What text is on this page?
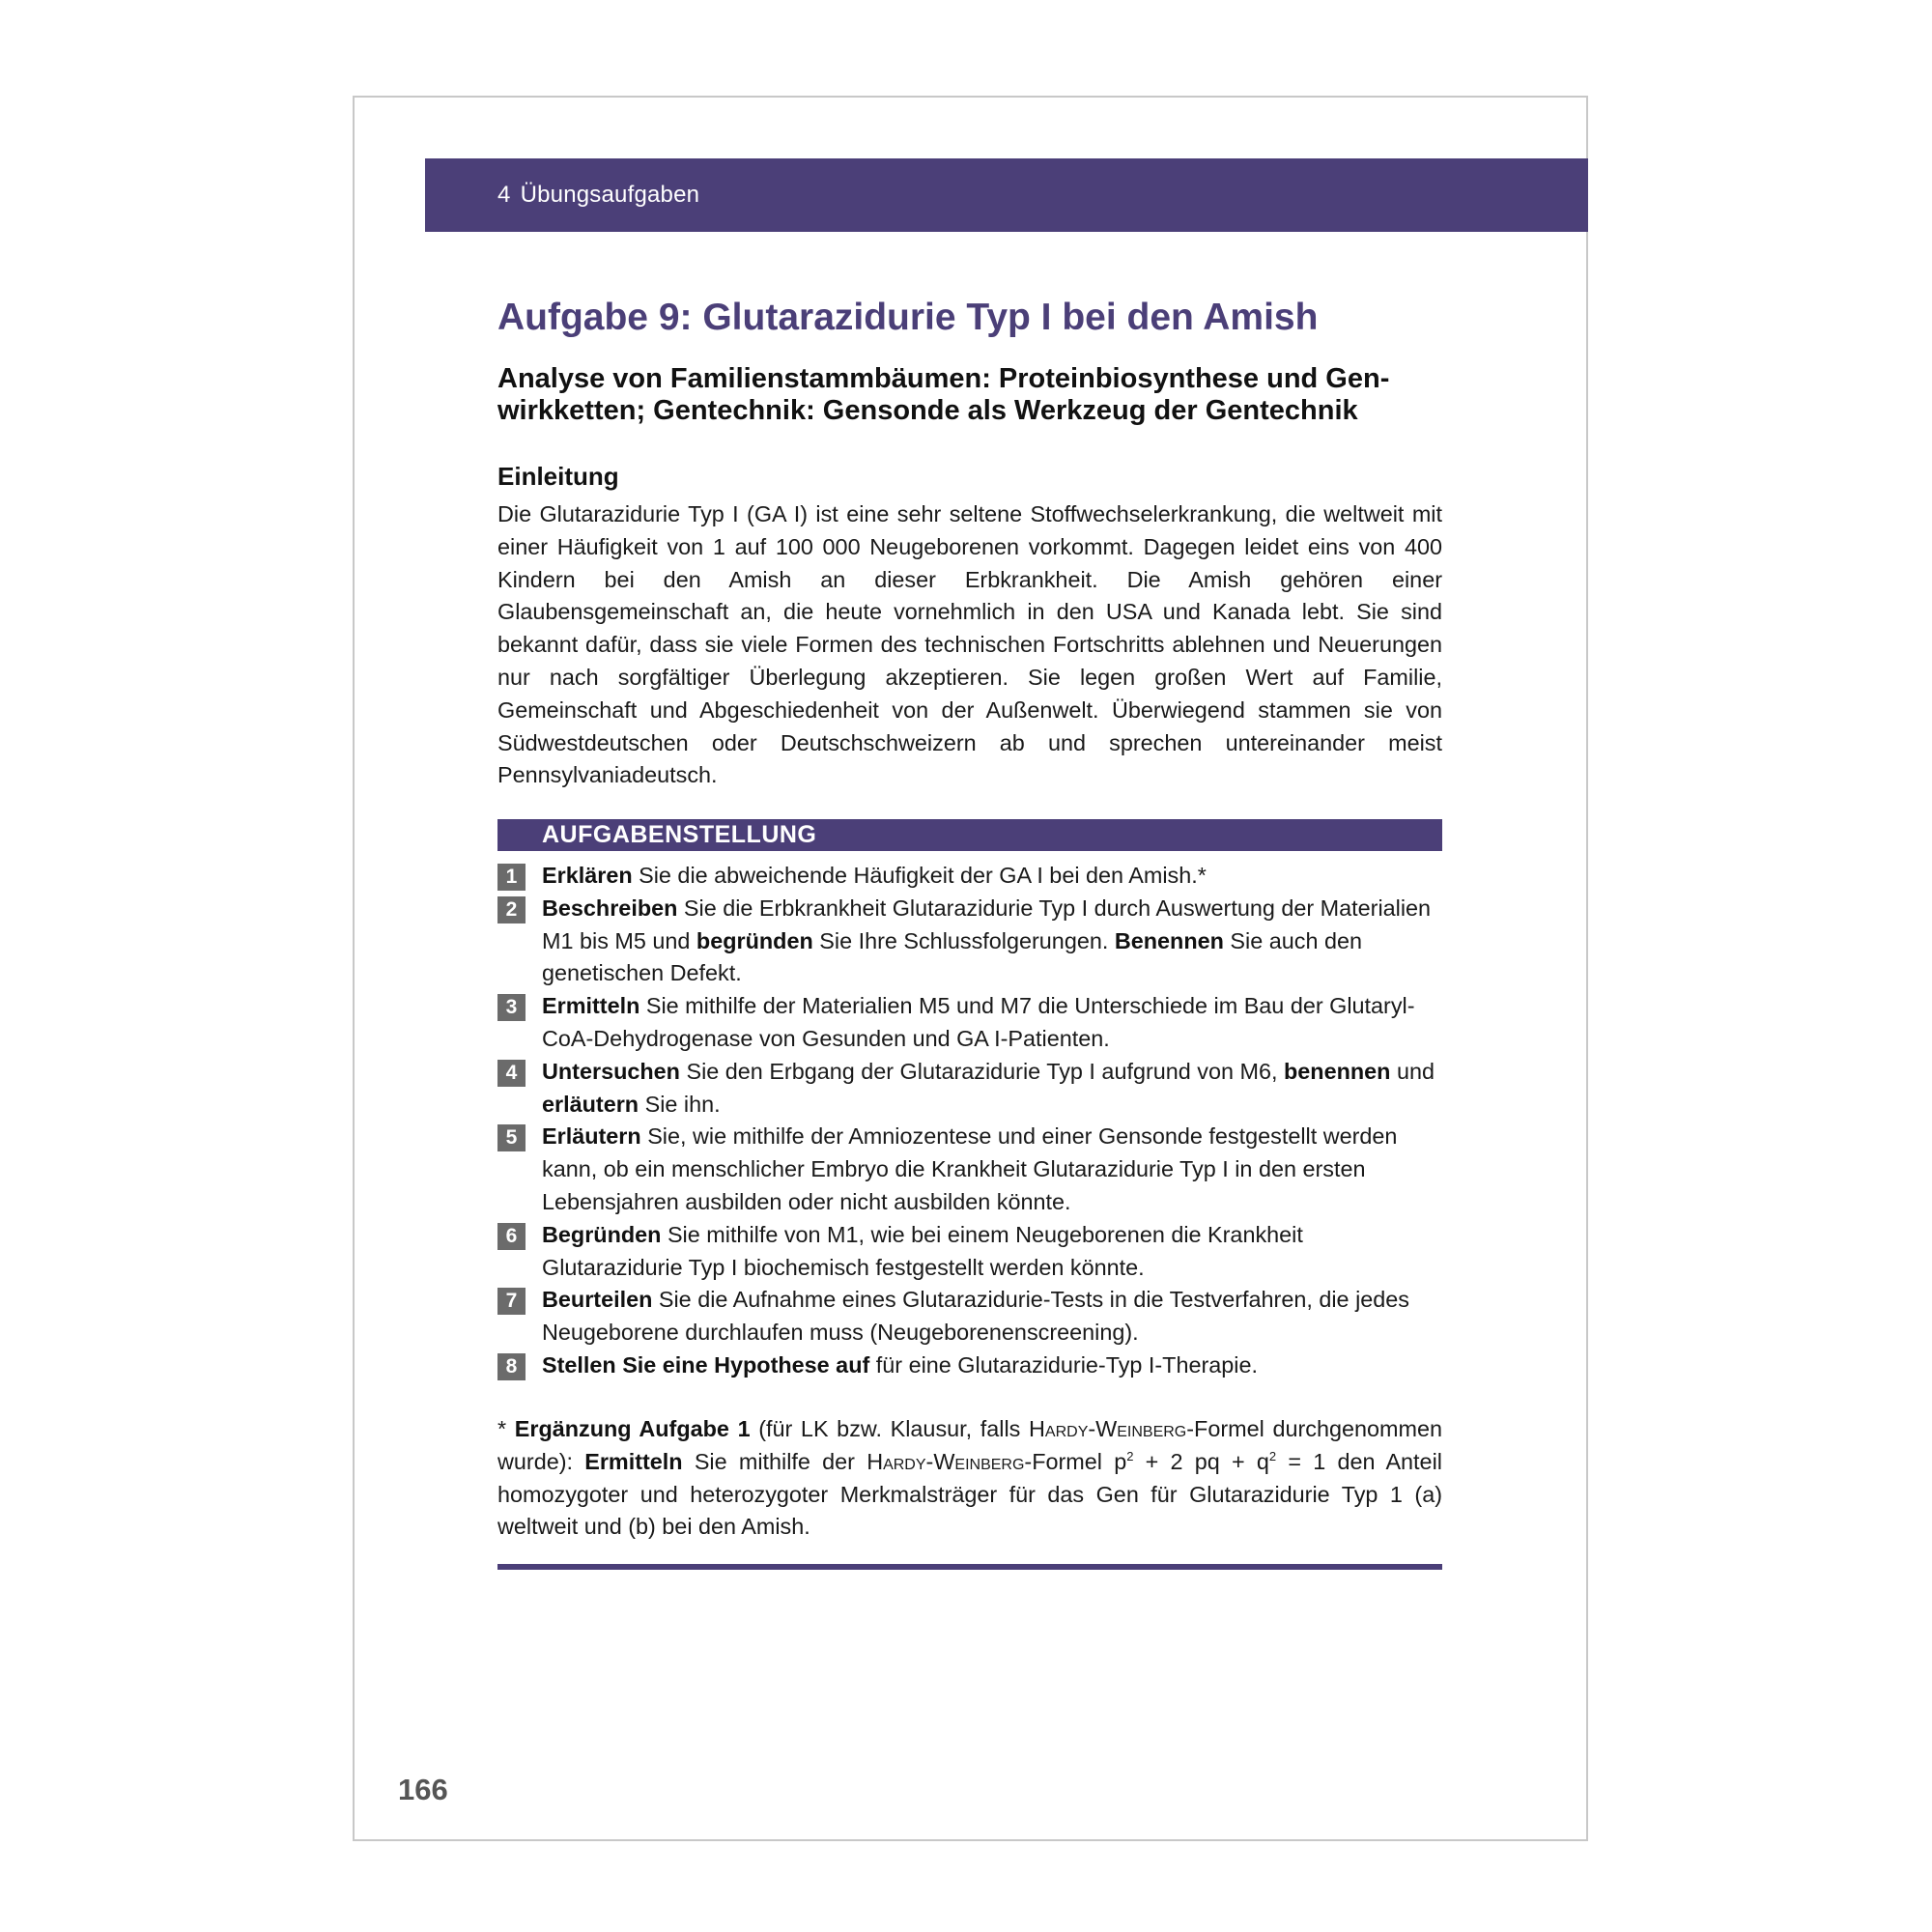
4 Übungsaufgaben
Aufgabe 9: Glutarazidurie Typ I bei den Amish
Analyse von Familienstammbäumen: Proteinbiosynthese und Genwirkketten; Gentechnik: Gensonde als Werkzeug der Gentechnik
Einleitung

Die Glutarazidurie Typ I (GA I) ist eine sehr seltene Stoffwechselerkrankung, die weltweit mit einer Häufigkeit von 1 auf 100 000 Neugeborenen vorkommt. Dagegen leidet eins von 400 Kindern bei den Amish an dieser Erbkrankheit. Die Amish gehören einer Glaubensgemeinschaft an, die heute vornehmlich in den USA und Kanada lebt. Sie sind bekannt dafür, dass sie viele Formen des technischen Fortschritts ablehnen und Neuerungen nur nach sorgfältiger Überlegung akzeptieren. Sie legen großen Wert auf Familie, Gemeinschaft und Abgeschiedenheit von der Außenwelt. Überwiegend stammen sie von Südwestdeutschen oder Deutschschweizern ab und sprechen untereinander meist Pennsylvaniadeutsch.

AUFGABENSTELLUNG
1	Erklären Sie die abweichende Häufigkeit der GA I bei den Amish.*
2	Beschreiben Sie die Erbkrankheit Glutarazidurie Typ I durch Auswertung der Materialien M1 bis M5 und begründen Sie Ihre Schlussfolgerungen. Benennen Sie auch den genetischen Defekt.
3	Ermitteln Sie mithilfe der Materialien M5 und M7 die Unterschiede im Bau der Glutaryl-CoA-Dehydrogenase von Gesunden und GA I-Patienten.
4	Untersuchen Sie den Erbgang der Glutarazidurie Typ I aufgrund von M6, benennen und erläutern Sie ihn.
5	Erläutern Sie, wie mithilfe der Amniozentese und einer Gensonde festgestellt werden kann, ob ein menschlicher Embryo die Krankheit Glutarazidurie Typ I in den ersten Lebensjahren ausbilden oder nicht ausbilden könnte.
6	Begründen Sie mithilfe von M1, wie bei einem Neugeborenen die Krankheit Glutarazidurie Typ I biochemisch festgestellt werden könnte.
7	Beurteilen Sie die Aufnahme eines Glutarazidurie-Tests in die Testverfahren, die jedes Neugeborene durchlaufen muss (Neugeborenenscreening).
8	Stellen Sie eine Hypothese auf für eine Glutarazidurie-Typ I-Therapie.

* Ergänzung Aufgabe 1 (für LK bzw. Klausur, falls Hardy-Weinberg-Formel durchgenommen wurde): Ermitteln Sie mithilfe der Hardy-Weinberg-Formel $p^2 + 2$ pq + $q^2 = 1$ den Anteil homozygoter und heterozygoter Merkmalsträger für das Gen für Glutarazidurie Typ 1 (a) weltweit und (b) bei den Amish.

166
